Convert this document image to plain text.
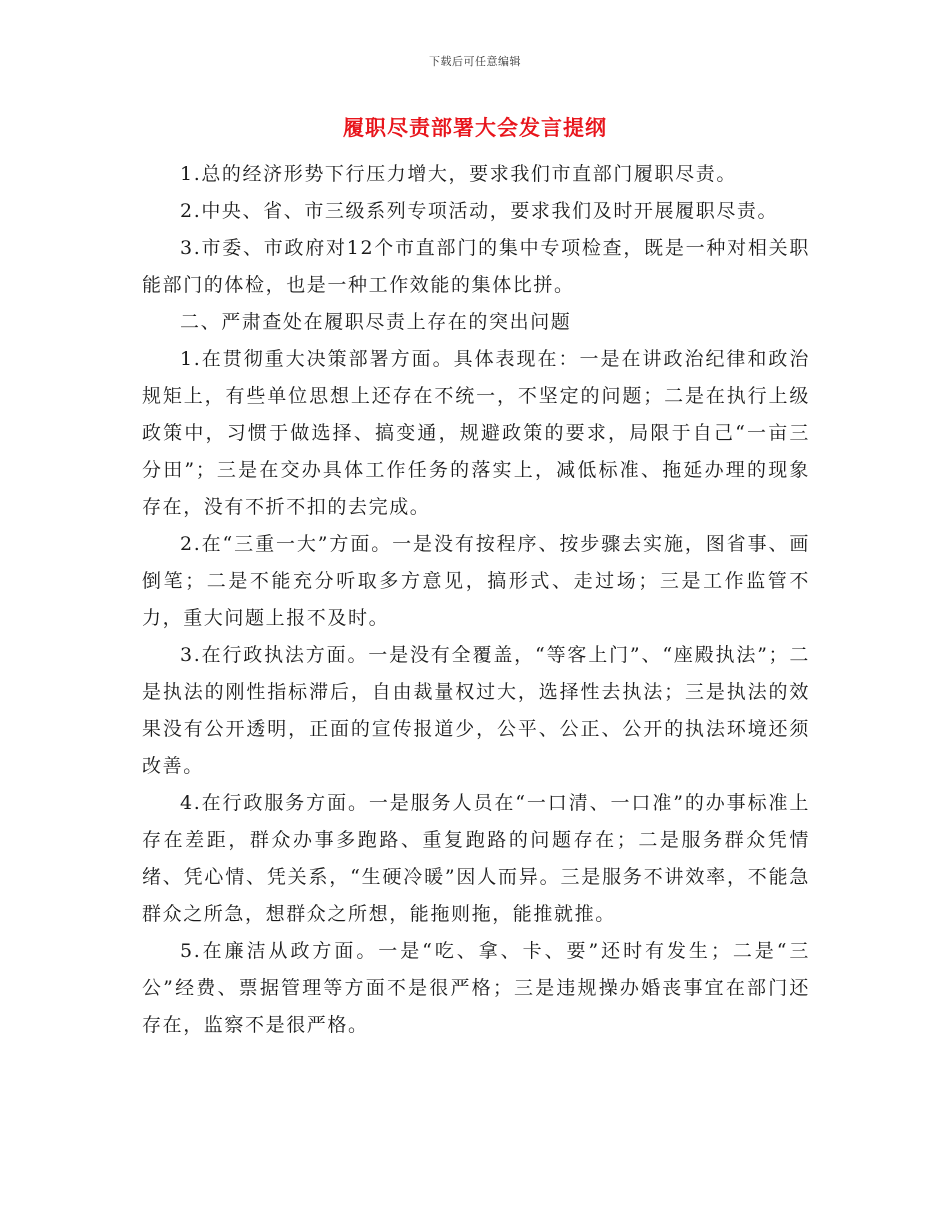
下载后可任意编辑

履职尽责部署大会发言提纲

1.总的经济形势下行压力增大，要求我们市直部门履职尽责。

2.中央、省、市三级系列专项活动，要求我们及时开展履职尽责。

3.市委、市政府对12个市直部门的集中专项检查，既是一种对相关职能部门的体检，也是一种工作效能的集体比拼。

二、严肃查处在履职尽责上存在的突出问题

1.在贯彻重大决策部署方面。具体表现在：一是在讲政治纪律和政治规矩上，有些单位思想上还存在不统一，不坚定的问题；二是在执行上级政策中，习惯于做选择、搞变通，规避政策的要求，局限于自己“一亩三分田”；三是在交办具体工作任务的落实上，减低标准、拖延办理的现象存在，没有不折不扣的去完成。

2.在“三重一大”方面。一是没有按程序、按步骤去实施，图省事、画倒笔；二是不能充分听取多方意见，搞形式、走过场；三是工作监管不力，重大问题上报不及时。

3.在行政执法方面。一是没有全覆盖，“等客上门”、“座殿执法”；二是执法的刚性指标滞后，自由裁量权过大，选择性去执法；三是执法的效果没有公开透明，正面的宣传报道少，公平、公正、公开的执法环境还须改善。

4.在行政服务方面。一是服务人员在“一口清、一口准”的办事标准上存在差距，群众办事多跑路、重复跑路的问题存在；二是服务群众凭情绪、凭心情、凭关系，“生硬冷暖”因人而异。三是服务不讲效率，不能急群众之所急，想群众之所想，能拖则拖，能推就推。

5.在廉洁从政方面。一是“吃、拿、卡、要”还时有发生；二是“三公”经费、票据管理等方面不是很严格；三是违规操办婚丧事宜在部门还存在，监察不是很严格。
